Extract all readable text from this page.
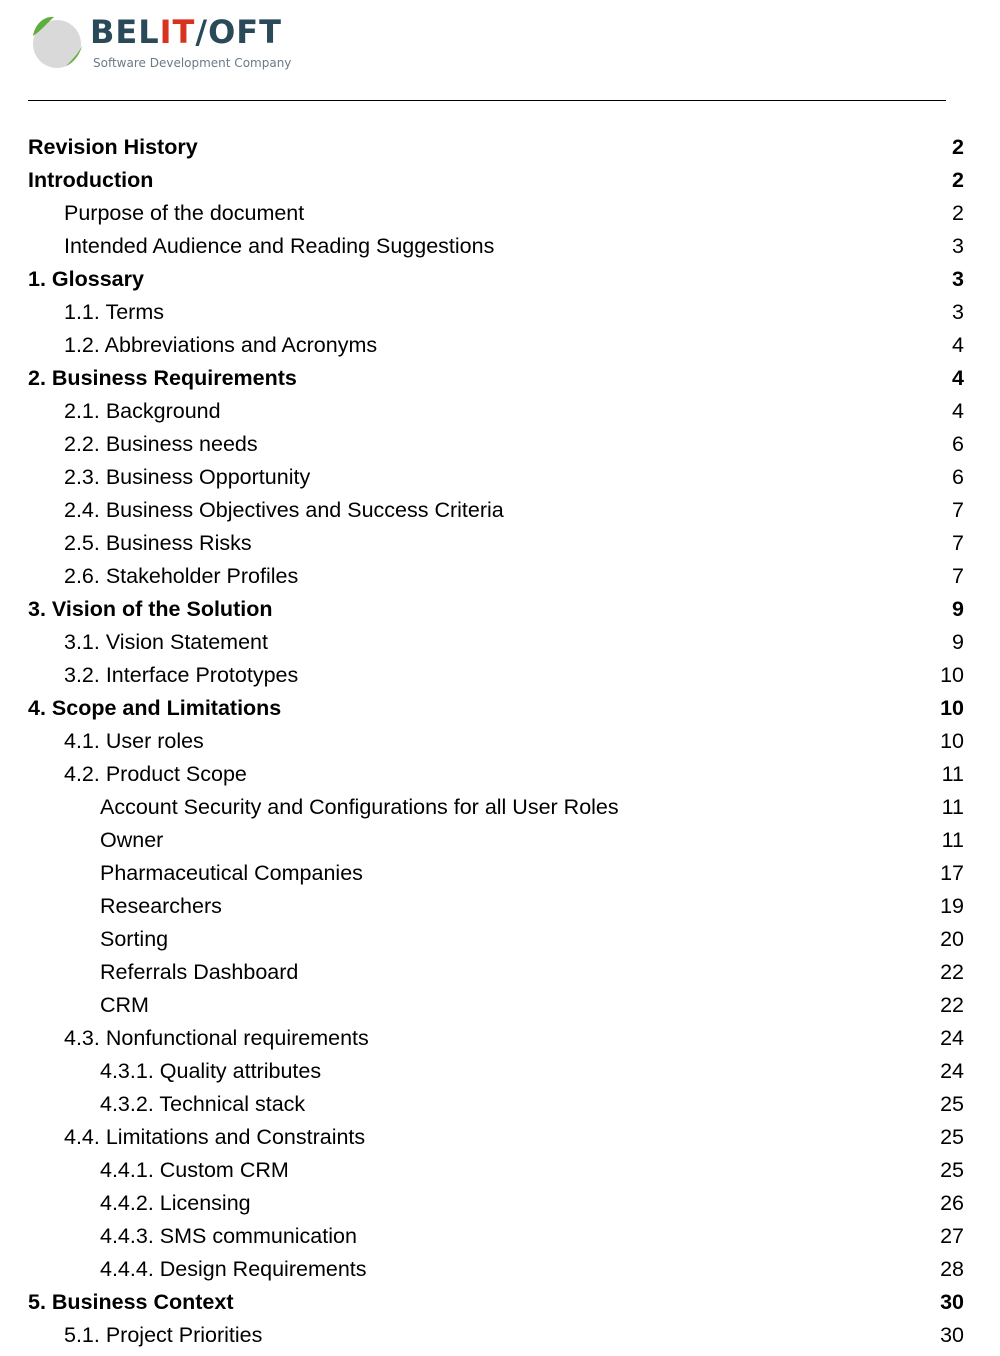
BELIT/OFT
Software Development Company
Revision History	2
Introduction	2
Purpose of the document	2
Intended Audience and Reading Suggestions	3
1. Glossary	3
1.1. Terms	3
1.2. Abbreviations and Acronyms	4
2. Business Requirements	4
2.1. Background	4
2.2. Business needs	6
2.3. Business Opportunity	6
2.4. Business Objectives and Success Criteria	7
2.5. Business Risks	7
2.6. Stakeholder Profiles	7
3. Vision of the Solution	9
3.1. Vision Statement	9
3.2. Interface Prototypes	10
4. Scope and Limitations	10
4.1. User roles	10
4.2. Product Scope	11
Account Security and Configurations for all User Roles	11
Owner	11
Pharmaceutical Companies	17
Researchers	19
Sorting	20
Referrals Dashboard	22
CRM	22
4.3. Nonfunctional requirements	24
4.3.1. Quality attributes	24
4.3.2. Technical stack	25
4.4. Limitations and Constraints	25
4.4.1. Custom CRM	25
4.4.2. Licensing	26
4.4.3. SMS communication	27
4.4.4. Design Requirements	28
5. Business Context	30
5.1. Project Priorities	30
